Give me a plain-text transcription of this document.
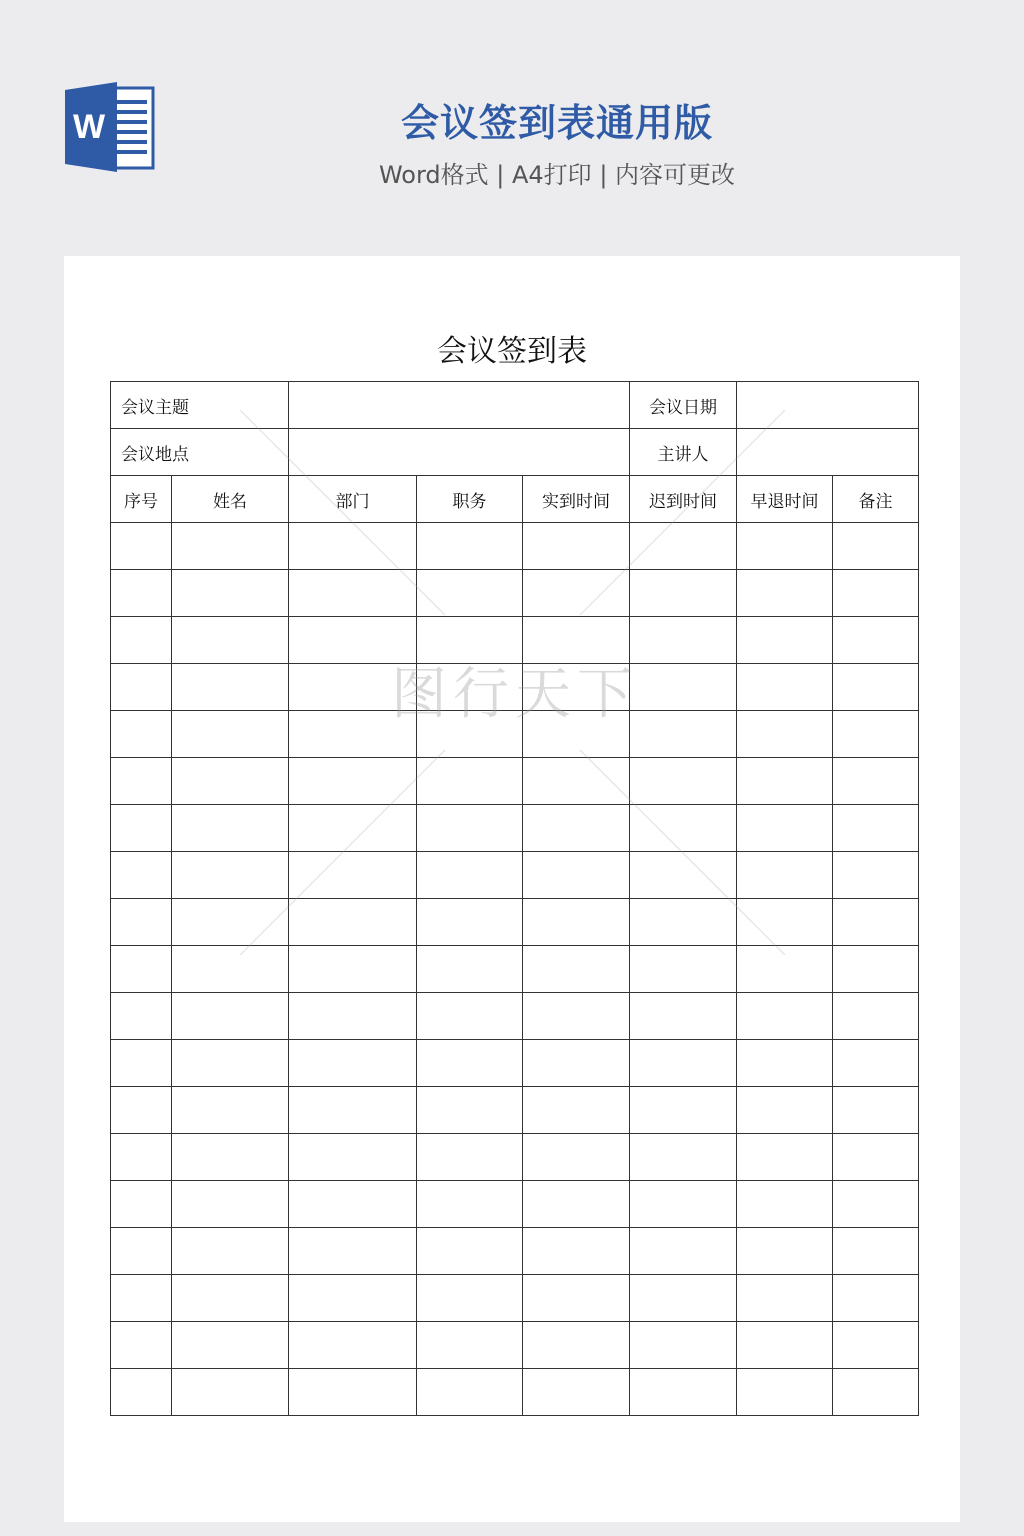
W	会议签到表通用版
Word格式 | A4打印 | 内容可更改
会议签到表
会议主题					会议日期		
会议地点					主讲人		
序号	姓名	部门	职务	实到时间	迟到时间	早退时间	备注

图行天下
